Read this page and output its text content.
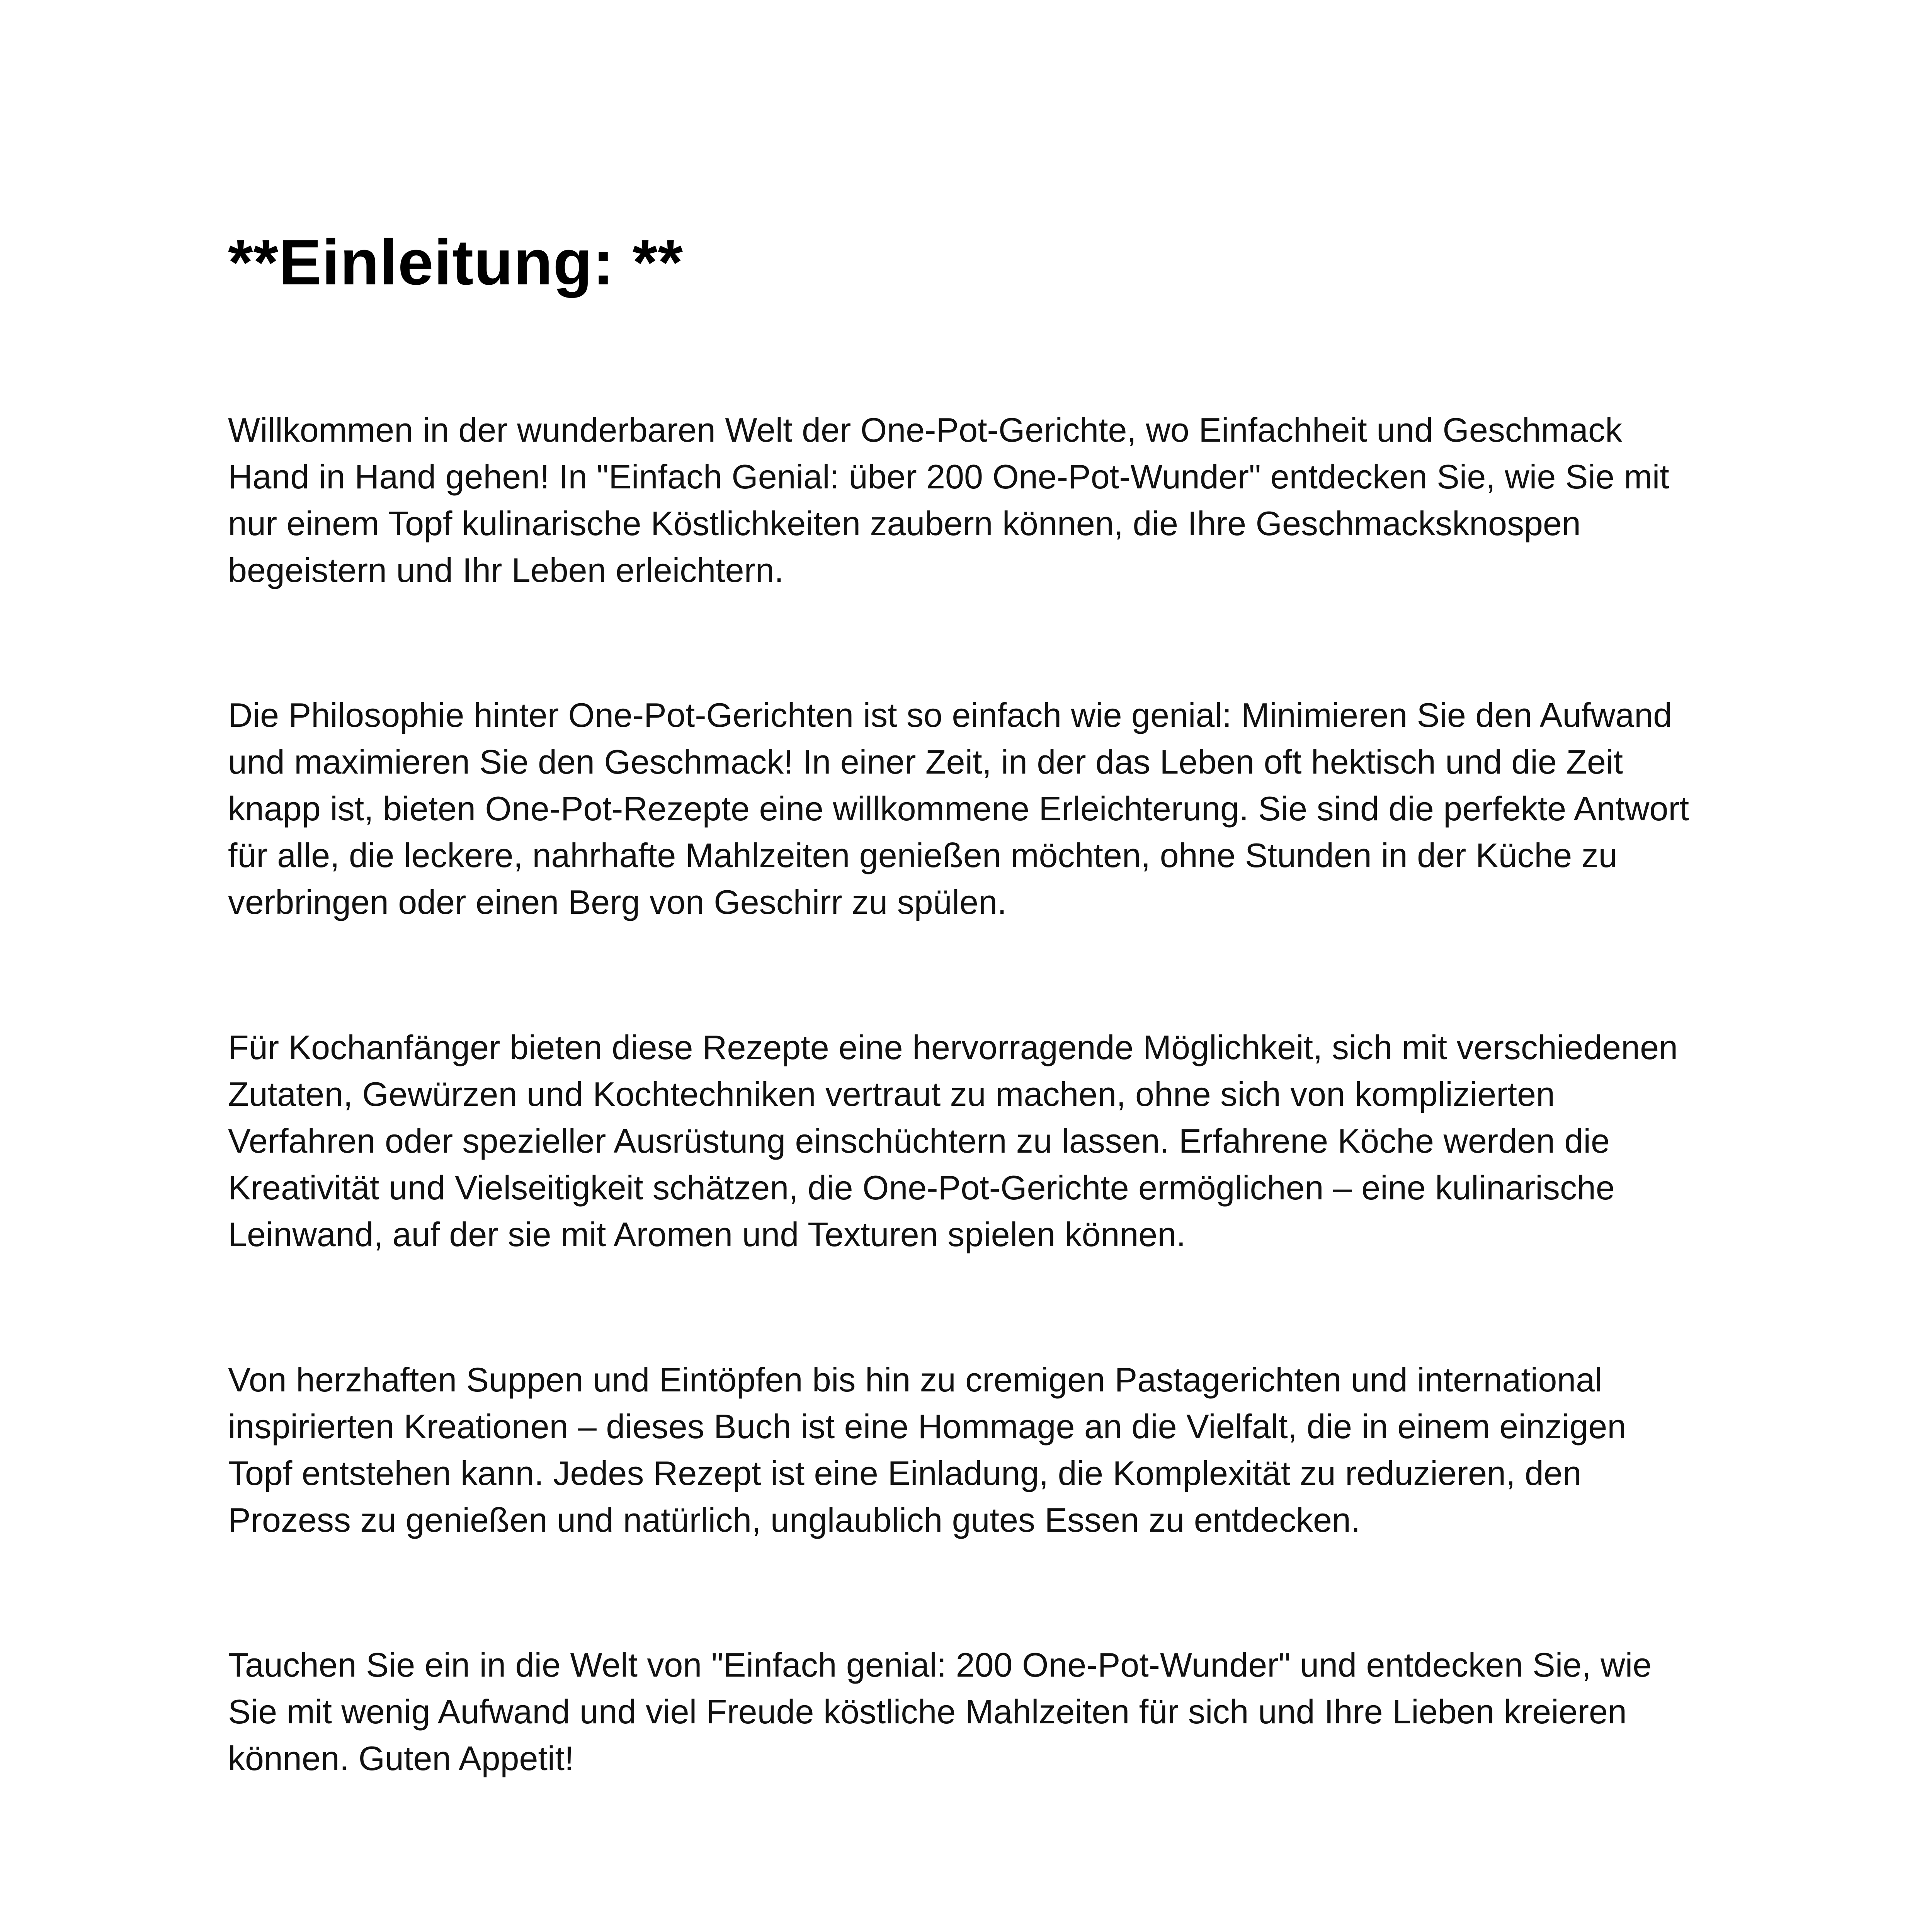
**Einleitung: **

Willkommen in der wunderbaren Welt der One-Pot-Gerichte, wo Einfachheit und Geschmack Hand in Hand gehen! In "Einfach Genial: über 200 One-Pot-Wunder" entdecken Sie, wie Sie mit nur einem Topf kulinarische Köstlichkeiten zaubern können, die Ihre Geschmacksknospen begeistern und Ihr Leben erleichtern.

Die Philosophie hinter One-Pot-Gerichten ist so einfach wie genial: Minimieren Sie den Aufwand und maximieren Sie den Geschmack! In einer Zeit, in der das Leben oft hektisch und die Zeit knapp ist, bieten One-Pot-Rezepte eine willkommene Erleichterung. Sie sind die perfekte Antwort für alle, die leckere, nahrhafte Mahlzeiten genießen möchten, ohne Stunden in der Küche zu verbringen oder einen Berg von Geschirr zu spülen.

Für Kochanfänger bieten diese Rezepte eine hervorragende Möglichkeit, sich mit verschiedenen Zutaten, Gewürzen und Kochtechniken vertraut zu machen, ohne sich von komplizierten Verfahren oder spezieller Ausrüstung einschüchtern zu lassen. Erfahrene Köche werden die Kreativität und Vielseitigkeit schätzen, die One-Pot-Gerichte ermöglichen – eine kulinarische Leinwand, auf der sie mit Aromen und Texturen spielen können.

Von herzhaften Suppen und Eintöpfen bis hin zu cremigen Pastagerichten und international inspirierten Kreationen – dieses Buch ist eine Hommage an die Vielfalt, die in einem einzigen Topf entstehen kann. Jedes Rezept ist eine Einladung, die Komplexität zu reduzieren, den Prozess zu genießen und natürlich, unglaublich gutes Essen zu entdecken.

Tauchen Sie ein in die Welt von "Einfach genial: 200 One-Pot-Wunder" und entdecken Sie, wie Sie mit wenig Aufwand und viel Freude köstliche Mahlzeiten für sich und Ihre Lieben kreieren können. Guten Appetit!
